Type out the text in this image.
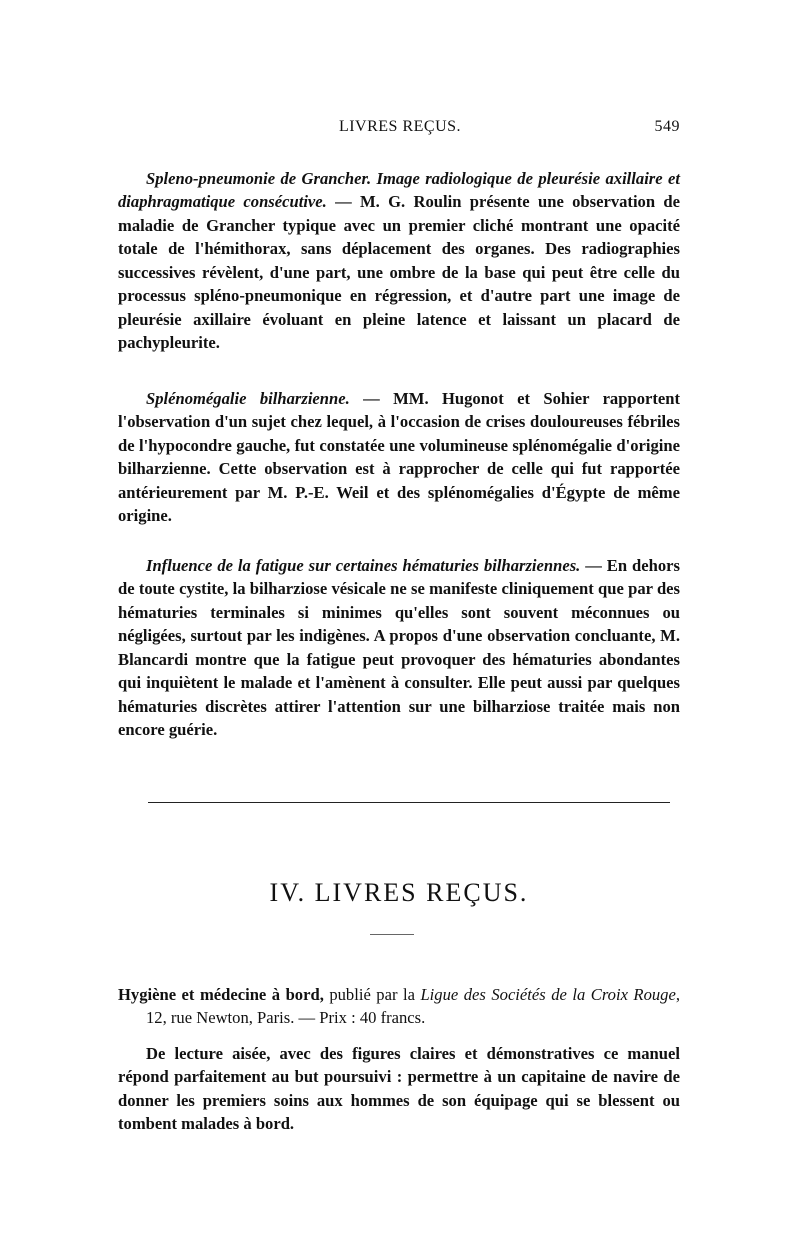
LIVRES REÇUS.	549

Spleno-pneumonie de Grancher. Image radiologique de pleurésie axillaire et diaphragmatique consécutive. — M. G. Roulin présente une observation de maladie de Grancher typique avec un premier cliché montrant une opacité totale de l'hémithorax, sans déplacement des organes. Des radiographies successives révèlent, d'une part, une ombre de la base qui peut être celle du processus spléno-pneumonique en régression, et d'autre part une image de pleurésie axillaire évoluant en pleine latence et laissant un placard de pachypleurite.

Splénomégalie bilharzienne. — MM. Hugonot et Sohier rapportent l'observation d'un sujet chez lequel, à l'occasion de crises douloureuses fébriles de l'hypocondre gauche, fut constatée une volumineuse splénomégalie d'origine bilharzienne. Cette observation est à rapprocher de celle qui fut rapportée antérieurement par M. P.-E. Weil et des splénomégalies d'Égypte de même origine.

Influence de la fatigue sur certaines hématuries bilharziennes. — En dehors de toute cystite, la bilharziose vésicale ne se manifeste cliniquement que par des hématuries terminales si minimes qu'elles sont souvent méconnues ou négligées, surtout par les indigènes. A propos d'une observation concluante, M. Blancardi montre que la fatigue peut provoquer des hématuries abondantes qui inquiètent le malade et l'amènent à consulter. Elle peut aussi par quelques hématuries discrètes attirer l'attention sur une bilharziose traitée mais non encore guérie.

IV. LIVRES REÇUS.

Hygiène et médecine à bord, publié par la Ligue des Sociétés de la Croix Rouge, 12, rue Newton, Paris. — Prix : 40 francs.

De lecture aisée, avec des figures claires et démonstratives ce manuel répond parfaitement au but poursuivi : permettre à un capitaine de navire de donner les premiers soins aux hommes de son équipage qui se blessent ou tombent malades à bord.
